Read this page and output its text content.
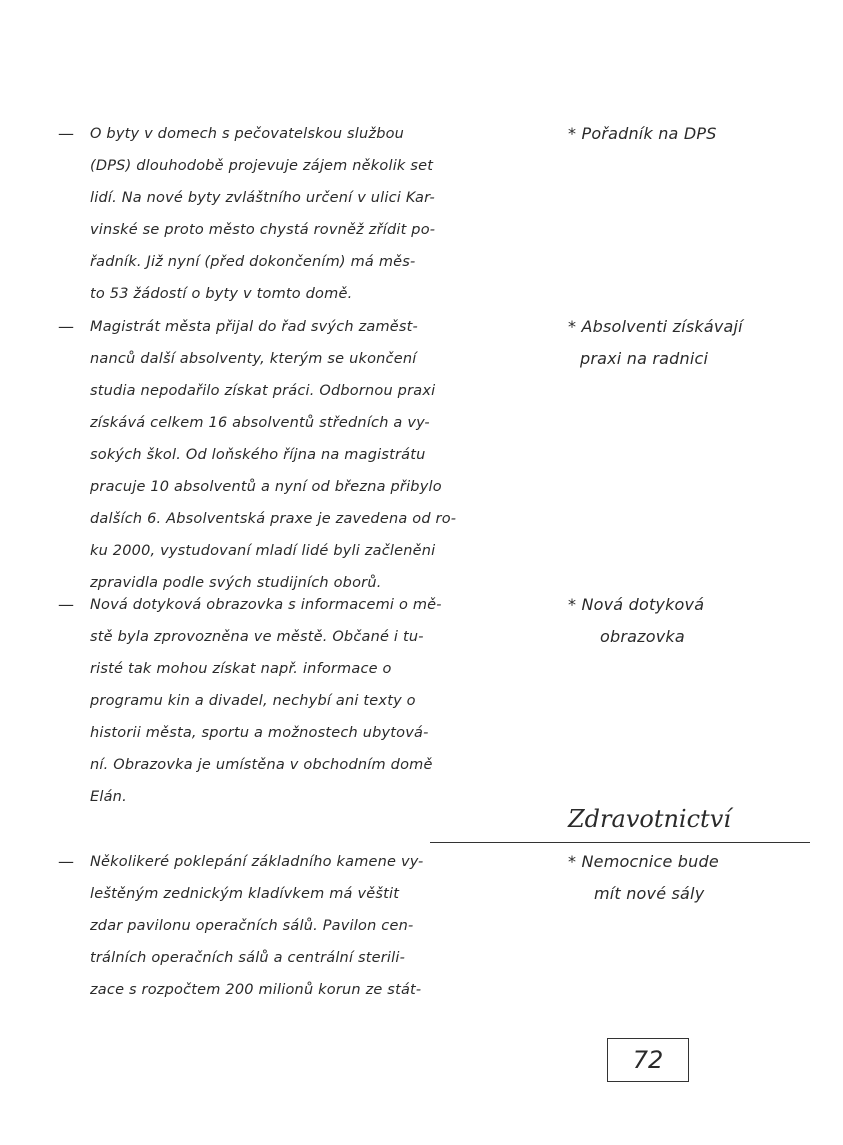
— O byty v domech s pečovatelskou službou
(DPS) dlouhodobě projevuje zájem několik set
lidí. Na nové byty zvláštního určení v ulici Kar-
vinské se proto město chystá rovněž zřídit po-
řadník. Již nyní (před dokončením) má měs-
to 53 žádostí o byty v tomto domě.
* Pořadník na DPS
— Magistrát města přijal do řad svých zaměst-
nanců další absolventy, kterým se ukončení
studia nepodařilo získat práci. Odbornou praxi
získává celkem 16 absolventů středních a vy-
sokých škol. Od loňského října na magistrátu
pracuje 10 absolventů a nyní od března přibylo
dalších 6. Absolventská praxe je zavedena od ro-
ku 2000, vystudovaní mladí lidé byli začleněni
zpravidla podle svých studijních oborů.
* Absolventi získávají
praxi na radnici
— Nová dotyková obrazovka s informacemi o mě-
stě byla zprovozněna ve městě. Občané i tu-
risté tak mohou získat např. informace o
programu kin a divadel, nechybí ani texty o
historii města, sportu a možnostech ubytová-
ní. Obrazovka je umístěna v obchodním domě
Elán.
* Nová dotyková
obrazovka
Zdravotnictví
— Několikeré poklepání základního kamene vy-
leštěným zednickým kladívkem má věštit
zdar pavilonu operačních sálů. Pavilon cen-
trálních operačních sálů a centrální sterili-
zace s rozpočtem 200 milionů korun ze stát-
* Nemocnice bude
mít nové sály
72
